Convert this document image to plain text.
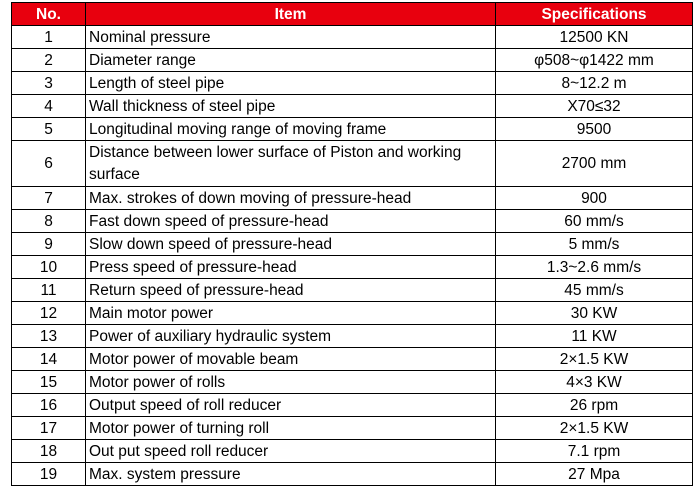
No.	Item	Specifications
1	Nominal pressure	12500 KN
2	Diameter range	φ508~φ1422 mm
3	Length of steel pipe	8~12.2 m
4	Wall thickness of steel pipe	X70≤32
5	Longitudinal moving range of moving frame	9500
6	Distance between lower surface of Piston and working surface	2700 mm
7	Max. strokes of down moving of pressure-head	900
8	Fast down speed of pressure-head	60 mm/s
9	Slow down speed of pressure-head	5 mm/s
10	Press speed of pressure-head	1.3~2.6 mm/s
11	Return speed of pressure-head	45 mm/s
12	Main motor power	30 KW
13	Power of auxiliary hydraulic system	11 KW
14	Motor power of movable beam	2×1.5 KW
15	Motor power of rolls	4×3 KW
16	Output speed of roll reducer	26 rpm
17	Motor power of turning roll	2×1.5 KW
18	Out put speed roll reducer	7.1 rpm
19	Max. system pressure	27 Mpa
